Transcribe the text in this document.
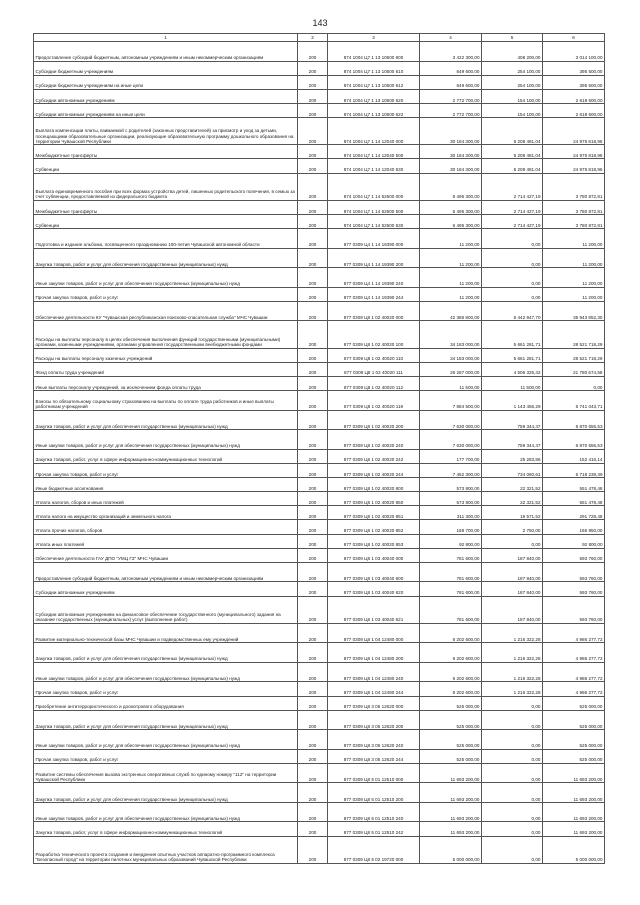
143
1	2	3	4	5	6
Предоставление субсидий бюджетным, автономным учреждениям и иным некоммерческим организациям	200	874 1004 Ц7 1 13 10500 600	3 422 300,00	408 200,00	3 014 100,00
Субсидии бюджетным учреждениям	200	874 1004 Ц7 1 13 10500 610	649 600,00	254 100,00	395 500,00
Субсидии бюджетным учреждениям на иные цели	200	874 1004 Ц7 1 13 10500 612	649 600,00	254 100,00	395 500,00
Субсидии автономным учреждениям	200	874 1004 Ц7 1 13 10500 620	2 772 700,00	154 100,00	2 618 600,00
Субсидии автономным учреждениям на иные цели	200	874 1004 Ц7 1 13 10500 622	2 772 700,00	154 100,00	2 618 600,00
Выплата компенсации платы, взимаемой с родителей (законных представителей) за присмотр и уход за детьми, посещающими образовательные организации, реализующие образовательную программу дошкольного образования на территории Чувашской Республики	200	874 1004 Ц7 1 14 12040 000	30 184 300,00	5 208 481,04	24 975 818,96
Межбюджетные трансферты	200	874 1004 Ц7 1 14 12040 500	30 184 300,00	5 208 481,04	24 975 818,96
Субвенции	200	874 1004 Ц7 1 14 12040 530	30 184 300,00	5 208 481,04	24 975 818,96
Выплата единовременного пособия при всех формах устройства детей, лишенных родительского попечения, в семью за счет субвенции, предоставляемой из федерального бюджета	200	874 1004 Ц7 1 14 52600 000	6 495 300,00	2 714 427,19	3 780 872,81
Межбюджетные трансферты	200	874 1004 Ц7 1 14 52600 500	6 495 300,00	2 714 427,19	3 780 872,81
Субвенции	200	874 1004 Ц7 1 14 52600 530	6 495 300,00	2 714 427,19	3 780 872,81
Подготовка и издание альбома, посвященного празднованию 100-летия Чувашской автономной области	200	877 0309 Ц4 1 14 19390 000	11 200,00	0,00	11 200,00
Закупка товаров, работ и услуг для обеспечения государственных (муниципальных) нужд	200	877 0309 Ц4 1 14 19390 200	11 200,00	0,00	11 200,00
Иные закупки товаров, работ и услуг для обеспечения государственных (муниципальных) нужд	200	877 0309 Ц4 1 14 19390 240	11 200,00	0,00	11 200,00
Прочая закупка товаров, работ и услуг	200	877 0309 Ц4 1 14 19390 244	11 200,00	0,00	11 200,00
Обеспечение деятельности КУ "Чувашская республиканская поисково-спасательная служба" МЧС Чувашии	200	877 0309 Ц8 1 02 40020 000	42 386 800,00	6 442 947,70	35 943 852,30
Расходы на выплаты персоналу в целях обеспечения выполнения функций государственными (муниципальными) органами, казенными учреждениями, органами управления государственными внебюджетными фондами	200	877 0309 Ц8 1 02 40020 100	34 183 000,00	5 661 281,71	28 521 718,29
Расходы на выплаты персоналу казенных учреждений	200	877 0309 Ц8 1 02 40020 110	34 183 000,00	5 661 281,71	28 521 718,29
Фонд оплаты труда учреждений	200	877 0309 Ц8 1 02 40020 111	26 287 000,00	4 506 325,42	21 780 674,58
Иные выплаты персоналу учреждений, за исключением фонда оплаты труда	200	877 0309 Ц8 1 02 40020 112	11 500,00	11 500,00	0,00
Взносы по обязательному социальному страхованию на выплаты по оплате труда работников и иные выплаты работникам учреждений	200	877 0309 Ц8 1 02 40020 119	7 884 500,00	1 143 456,29	6 741 043,71
Закупка товаров, работ и услуг для обеспечения государственных (муниципальных) нужд	200	877 0309 Ц8 1 02 40020 200	7 630 000,00	759 344,47	6 870 655,53
Иные закупки товаров, работ и услуг для обеспечения государственных (муниципальных) нужд	200	877 0309 Ц8 1 02 40020 240	7 630 000,00	759 344,47	6 870 655,53
Закупка товаров, работ, услуг в сфере информационно-коммуникационных технологий	200	877 0309 Ц8 1 02 40020 242	177 700,00	25 283,86	152 416,14
Прочая закупка товаров, работ и услуг	200	877 0309 Ц8 1 02 40020 244	7 452 300,00	734 060,61	6 718 239,39
Иные бюджетные ассигнования	200	877 0309 Ц8 1 02 40020 800	573 800,00	22 321,52	551 478,48
Уплата налогов, сборов и иных платежей	200	877 0309 Ц8 1 02 40020 850	573 800,00	22 321,52	551 478,48
Уплата налога на имущество организаций и земельного налога	200	877 0309 Ц8 1 02 40020 851	311 300,00	19 571,52	291 728,48
Уплата прочих налогов, сборов	200	877 0309 Ц8 1 02 40020 852	169 700,00	2 750,00	166 950,00
Уплата иных платежей	200	877 0309 Ц8 1 02 40020 853	92 800,00	0,00	92 800,00
Обеспечение деятельности ГАУ ДПО "УМЦ ГЗ" МЧС Чувашии	200	877 0309 Ц8 1 03 40040 000	781 600,00	187 840,00	593 760,00
Предоставление субсидий бюджетным, автономным учреждениям и иным некоммерческим организациям	200	877 0309 Ц8 1 03 40040 600	781 600,00	187 840,00	593 760,00
Субсидии автономным учреждениям	200	877 0309 Ц8 1 03 40040 620	781 600,00	187 840,00	593 760,00
Субсидии автономным учреждениям на финансовое обеспечение государственного (муниципального) задания на оказание государственных (муниципальных) услуг (выполнение работ)	200	877 0309 Ц8 1 03 40040 621	781 600,00	187 840,00	593 760,00
Развитие материально-технической базы МЧС Чувашии и подведомственных ему учреждений	200	877 0309 Ц8 1 04 12480 000	6 202 600,00	1 216 322,28	4 986 277,72
Закупка товаров, работ и услуг для обеспечения государственных (муниципальных) нужд	200	877 0309 Ц8 1 04 12480 200	6 202 600,00	1 216 322,28	4 986 277,72
Иные закупки товаров, работ и услуг для обеспечения государственных (муниципальных) нужд	200	877 0309 Ц8 1 04 12480 240	6 202 600,00	1 216 322,28	4 986 277,72
Прочая закупка товаров, работ и услуг	200	877 0309 Ц8 1 04 12480 244	6 202 600,00	1 216 322,28	4 986 277,72
Приобретение антитеррористического и досмотрового оборудования	200	877 0309 Ц8 3 05 12620 000	525 000,00	0,00	525 000,00
Закупка товаров, работ и услуг для обеспечения государственных (муниципальных) нужд	200	877 0309 Ц8 3 05 12620 200	525 000,00	0,00	525 000,00
Иные закупки товаров, работ и услуг для обеспечения государственных (муниципальных) нужд	200	877 0309 Ц8 3 05 12620 240	525 000,00	0,00	525 000,00
Прочая закупка товаров, работ и услуг	200	877 0309 Ц8 3 05 12620 244	525 000,00	0,00	525 000,00
Развитие системы обеспечения вызова экстренных оперативных служб по единому номеру "112" на территории Чувашской Республики	200	877 0309 Ц8 5 01 12510 000	11 693 200,00	0,00	11 693 200,00
Закупка товаров, работ и услуг для обеспечения государственных (муниципальных) нужд	200	877 0309 Ц8 5 01 12510 200	11 693 200,00	0,00	11 693 200,00
Иные закупки товаров, работ и услуг для обеспечения государственных (муниципальных) нужд	200	877 0309 Ц8 5 01 12510 240	11 693 200,00	0,00	11 693 200,00
Закупка товаров, работ, услуг в сфере информационно-коммуникационных технологий	200	877 0309 Ц8 5 01 12510 242	11 693 200,00	0,00	11 693 200,00
Разработка технического проекта создания и внедрения опытных участков аппаратно-программного комплекса "Безопасный город" на территории пилотных муниципальных образований Чувашской Республики	200	877 0309 Ц8 5 02 19720 000	5 000 000,00	0,00	5 000 000,00
